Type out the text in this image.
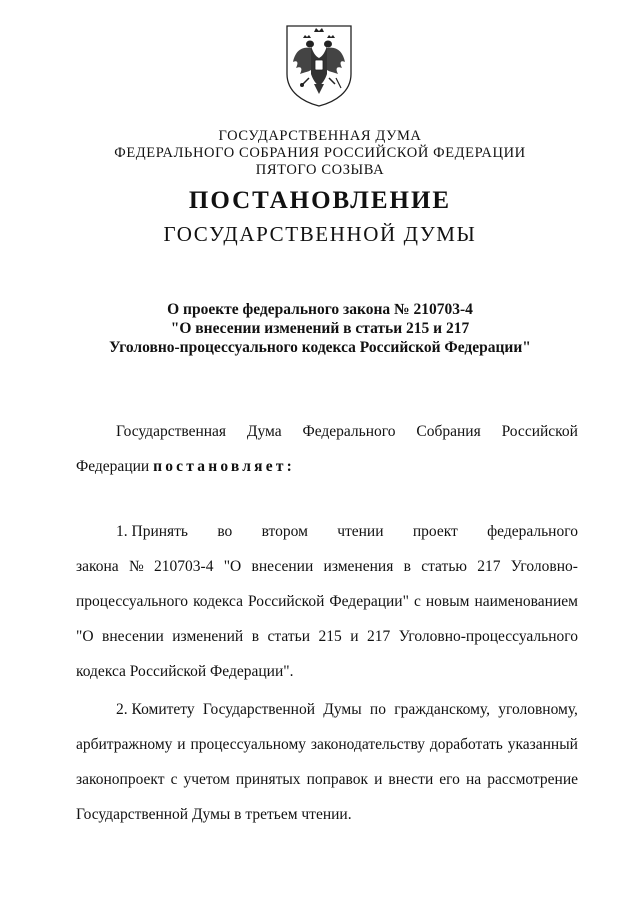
ГОСУДАРСТВЕННАЯ ДУМА
ФЕДЕРАЛЬНОГО СОБРАНИЯ РОССИЙСКОЙ ФЕДЕРАЦИИ
ПЯТОГО СОЗЫВА
ПОСТАНОВЛЕНИЕ
ГОСУДАРСТВЕННОЙ ДУМЫ
О проекте федерального закона № 210703-4
"О внесении изменений в статьи 215 и 217
Уголовно-процессуального кодекса Российской Федерации"
Государственная Дума Федерального Собрания Российской
Федерации постановляет:
1. Принять во втором чтении проект федерального
закона № 210703-4 "О внесении изменения в статью 217 Уголовно-
процессуального кодекса Российской Федерации" с новым наименованием
"О внесении изменений в статьи 215 и 217 Уголовно-процессуального
кодекса Российской Федерации".
2. Комитету Государственной Думы по гражданскому, уголовному,
арбитражному и процессуальному законодательству доработать указанный
законопроект с учетом принятых поправок и внести его на рассмотрение
Государственной Думы в третьем чтении.
